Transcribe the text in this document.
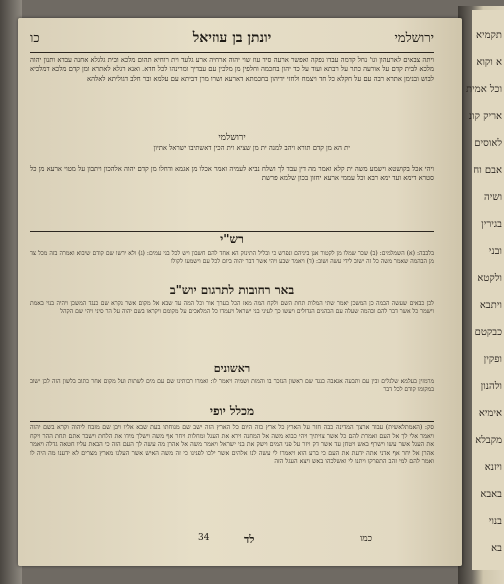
תקמיא
א וקוא
וכל אמית
אריק קונ
לאוסים
אבם וח
ושיה
בגירין
ובני
ולקטא
ויתבא
כבקטם
ופקין
ולהנון
אימיא
מקבלא
ויזנא
באבא
בנוי
בא
כו	יונתן בן עוזיאל	ירושלמי
ויתה צבאים לארעהון וגו' נחל קדמה עבדו נפקה ואפשר ארעה סיד עוז שוי יהוה ארחיה ארע גלעד וית רוחיא תהום מלכא ובית גלגלא אחנה עבדא ותנון יהוה מלכא לבית קדם על אורעה כתר על רבתא ועוד על כד יהון בחכמה וחלפין מן מלכין עם עבדיך ומרינהו לכל חדא. ואנא רגלא לאתרא ומן קדם מלכא דמלכיא לבוש ובנימן אתרא רבה עם על חקלא כל חד ויצמח ולחזי ידיהון בחכמתא דארעא ושרו מרן דביתא עם עלמא ובר חלב דגוליתא לאלהא
ירושלמי
ית הא מן קדם תורא ויהב למנה ית מן שציא וית הכין דאשתיבו ישראל אתיון
ויהי אכל בקושטא וישמע משה ית קלא ואמר מה דין עבד לך ושלח נביא לעמיה ואמר אכלו מן אגמא ודחלו מן קדם יהוה אלהכון ויתבון על מטוי ארעא מן כל סטרא דימא ועד ימא רבא וכל עממי ארעא יחזון בכון שלמא פרשת
רש"י
בלבבה: (א) השמלמים: (ב) שכר שמלו מן לקטור אנן ביניהם ונפרש כי ובליל התינוק הא אחד להם חשבון ויש לכל בני עמים: (ג) ולא ירשו שם קודם שיבוא ואמרה בזה מכל צד מן הבהמה שאמר משה כל זה ישוב לידי עשה ושוב: (ד) ויאמר שבע ויהי אשר דבר יהוה ביום לכל עם וישמעו לקולו
באר רחובות לתרגום יוש"ב
לכן כבאים שעשה הבמה כן המשכן יאמר שתי המלות תחת השם ולקח המה מאז הכל בערך אור וכל המה עד שבא אל מקום אשר נקרא שם כנגד המשכן ויהיה בנוי באמת וישמר כל אשר דבר להם ובהמה שעלה עם הכהנים הגדולים ויעשו כך לעיני בני ישראל ויעמדו כל המלאכים על מקומם ויקראו בשם יהוה על הר סיני ויהי שם הקהל
ראשונים
מרמזין בעלמא שלגלים ובין עם ותבעה אגאבה כנגד שם ראשון הנזכר בו והמות ושמיה ויאמר לו: ואמרו רבותינו שם עם מים לשתות ועל מקום אחר כתוב בלשון הזה לכן ישוב במקומו קודם לכל דבר
מכלל יופי
סק: (האמתלאשית) עבוד ארצך המדינה כבה חזר על הארץ כל ארץ כזה היום כל הארץ הזה ישב שם מנוחתו בעת שבא אליו ויבן שם מזבח ליהוה וקרא בשם יהוה ויאמר אלי לך אל העם ואמרת להם כל אשר צויתיך ויהי כבוא משה אל המחנה וירא את העגל ומחלות ויחר אף משה וישלך מידו את הלחת וישבר אתם תחת ההר ויקח את העגל אשר עשו וישרף באש ויטחן עד אשר דק ויזר על פני המים וישק את בני ישראל ויאמר משה אל אהרן מה עשה לך העם הזה כי הבאת עליו חטאה גדלה ויאמר אהרן אל יחר אף אדני אתה ידעת את העם כי ברע הוא ויאמרו לי עשה לנו אלהים אשר ילכו לפנינו כי זה משה האיש אשר העלנו מארץ מצרים לא ידענו מה היה לו ואמר להם למי זהב התפרקו ויתנו לי ואשלכהו באש ויצא העגל הזה
34	לד	כמו
